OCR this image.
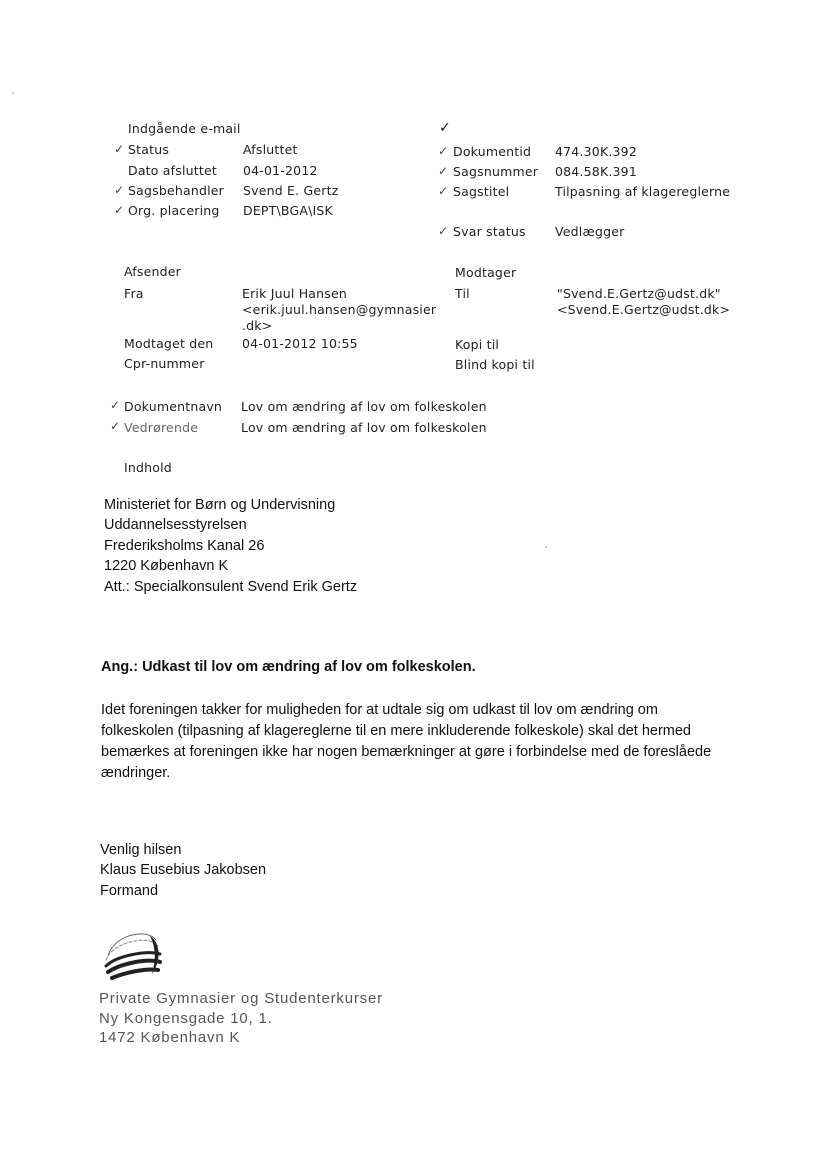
Indgående e-mail	✓
✓ Status	Afsluttet
Dato afsluttet 04-01-2012
✓ Sagsbehandler Svend E. Gertz
✓ Org. placering DEPT\BGA\ISK
✓ Dokumentid 474.30K.392
✓ Sagsnummer 084.58K.391
✓ Sagstitel	Tilpasning af klagereglerne
✓ Svar status Vedlægger
Afsender
Fra	Erik Juul Hansen
<erik.juul.hansen@gymnasier
.dk>
Modtaget den 04-01-2012 10:55
Cpr-nummer
Modtager
Til	"Svend.E.Gertz@udst.dk"
<Svend.E.Gertz@udst.dk>
Kopi til
Blind kopi til
✓ Dokumentnavn Lov om ændring af lov om folkeskolen
✓ Vedrørende	Lov om ændring af lov om folkeskolen
Indhold
Ministeriet for Børn og Undervisning
Uddannelsesstyrelsen
Frederiksholms Kanal 26
1220 København K
Att.: Specialkonsulent Svend Erik Gertz
Ang.: Udkast til lov om ændring af lov om folkeskolen.
Idet foreningen takker for muligheden for at udtale sig om udkast til lov om ændring om folkeskolen (tilpasning af klagereglerne til en mere inkluderende folkeskole) skal det hermed bemærkes at foreningen ikke har nogen bemærkninger at gøre i forbindelse med de foreslåede ændringer.
Venlig hilsen
Klaus Eusebius Jakobsen
Formand
Private Gymnasier og Studenterkurser
Ny Kongensgade 10, 1.
1472 København K
